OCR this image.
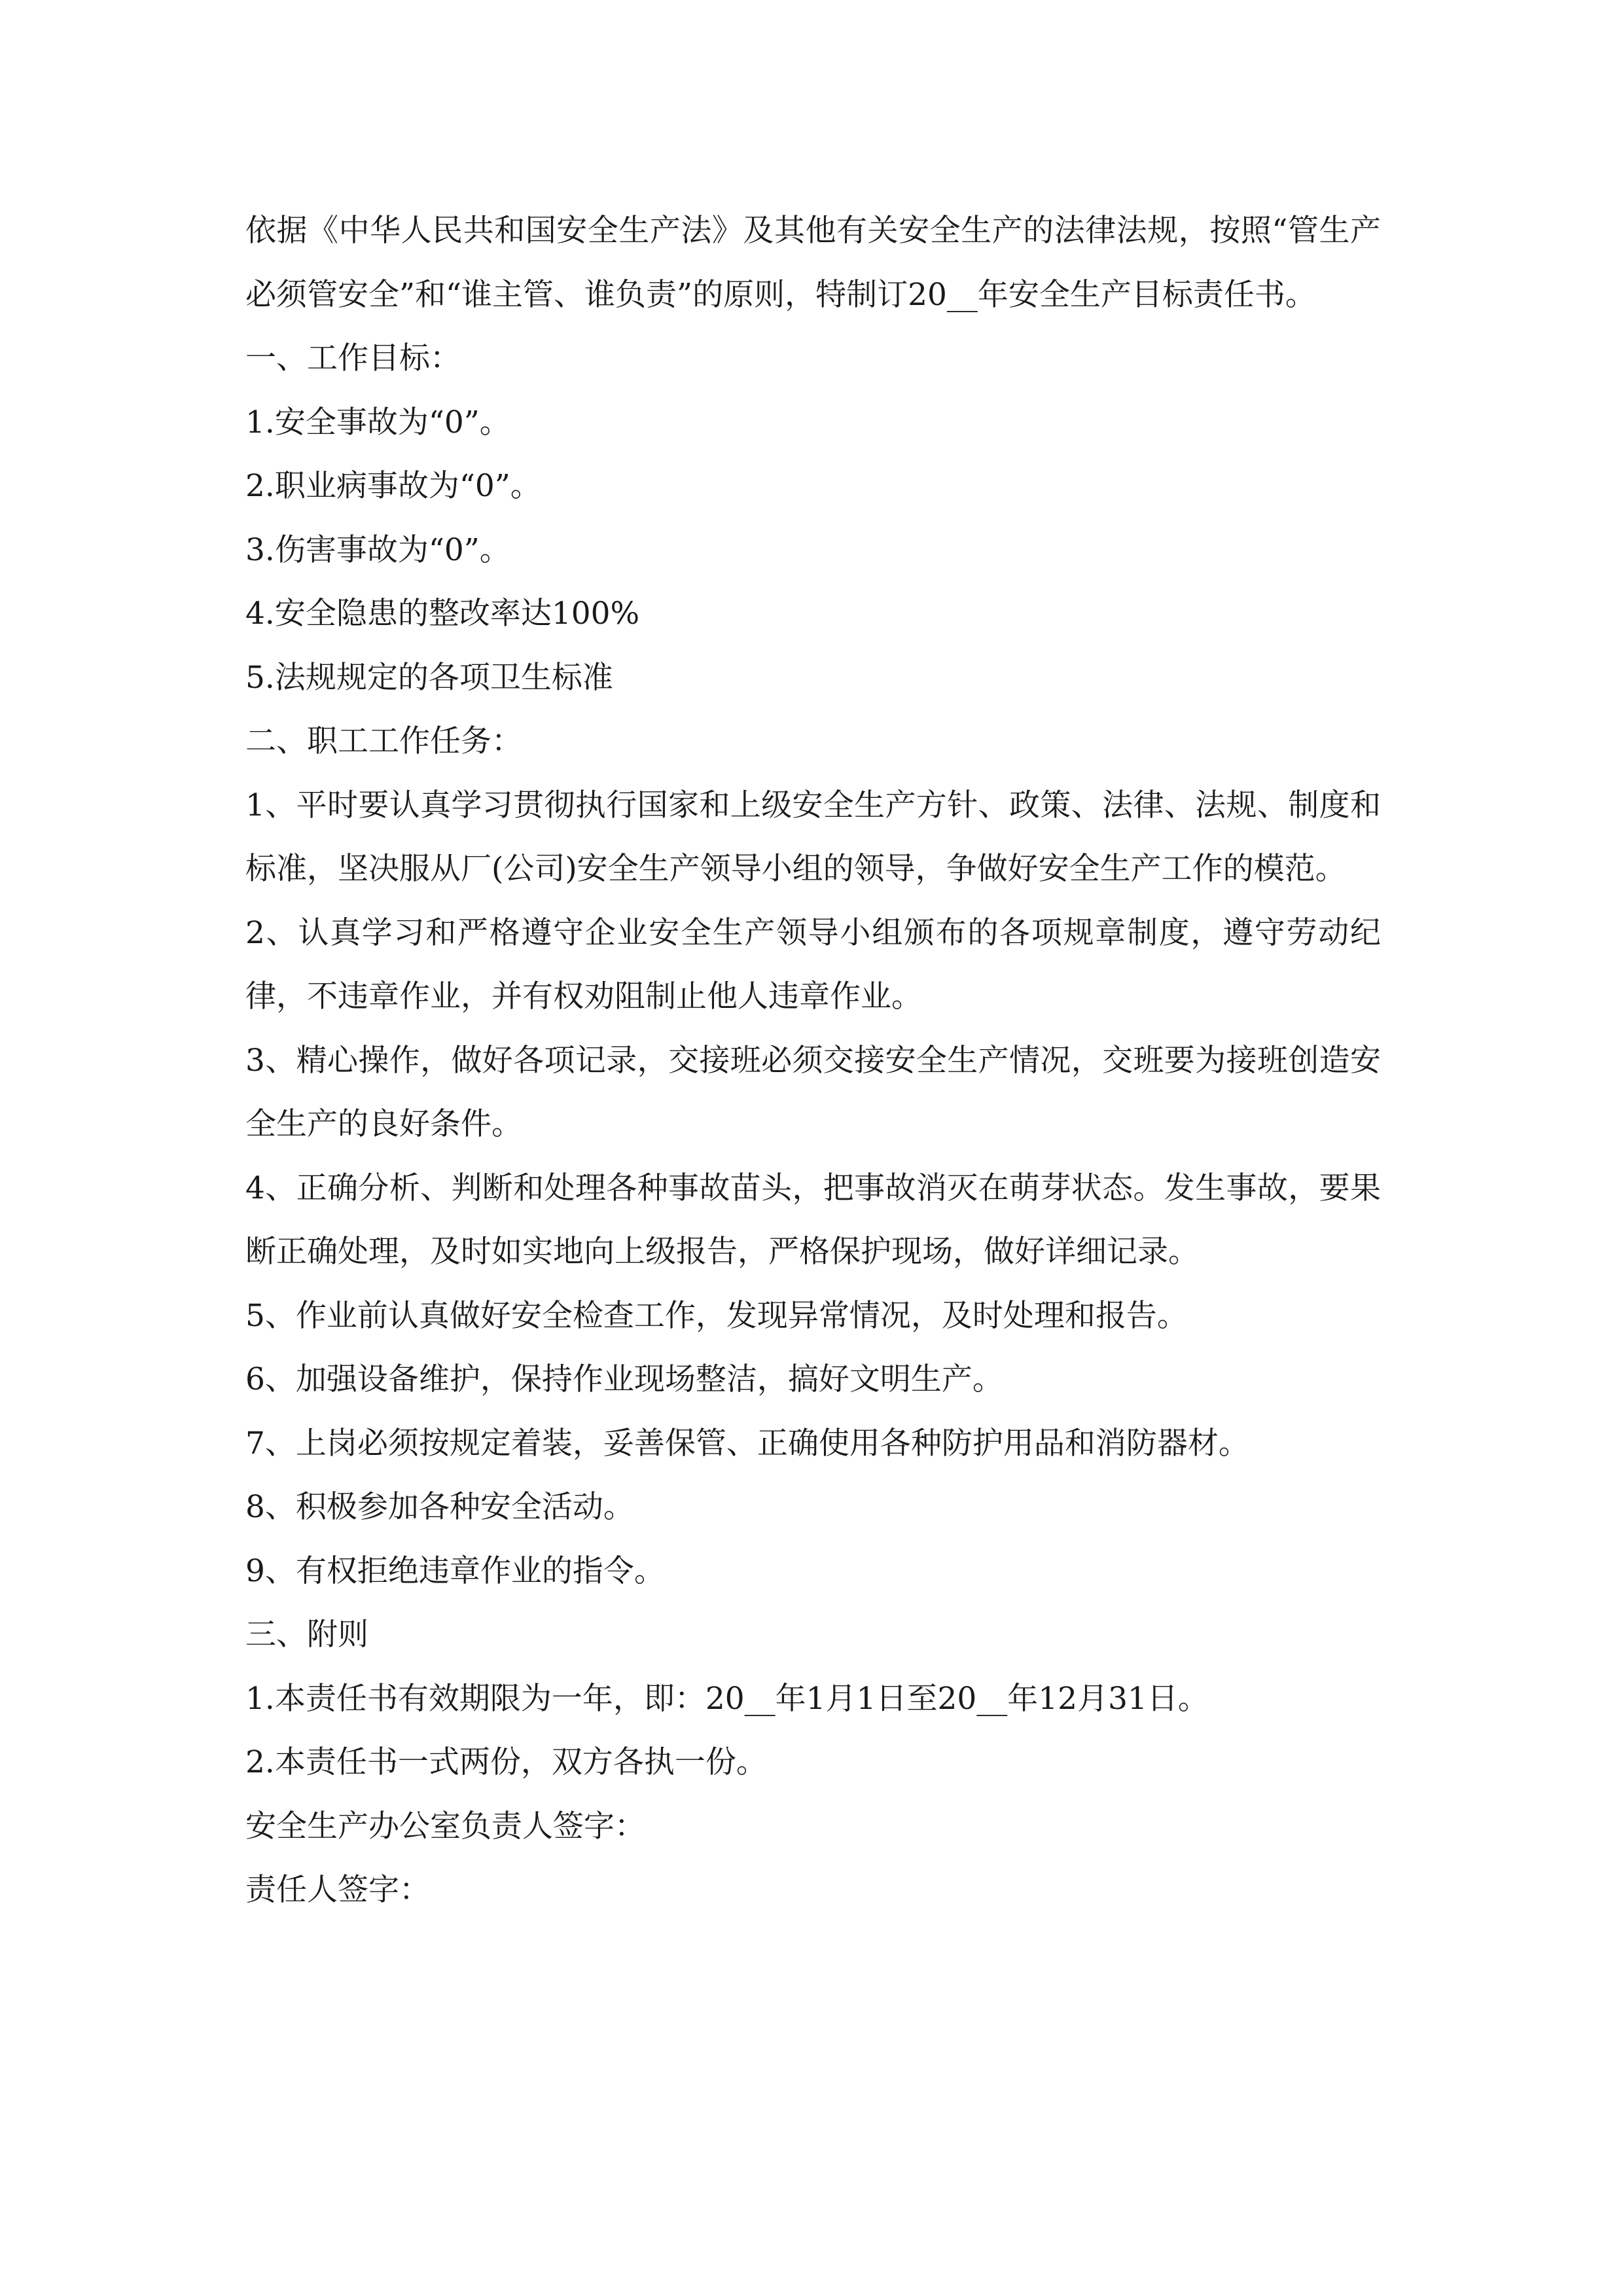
依据《中华人民共和国安全生产法》及其他有关安全生产的法律法规，按照“管生产必须管安全”和“谁主管、谁负责”的原则，特制订20__年安全生产目标责任书。

一、工作目标：

1.安全事故为“0”。

2.职业病事故为“0”。

3.伤害事故为“0”。

4.安全隐患的整改率达100%

5.法规规定的各项卫生标准

二、职工工作任务：

1、平时要认真学习贯彻执行国家和上级安全生产方针、政策、法律、法规、制度和标准，坚决服从厂(公司)安全生产领导小组的领导，争做好安全生产工作的模范。

2、认真学习和严格遵守企业安全生产领导小组颁布的各项规章制度，遵守劳动纪律，不违章作业，并有权劝阻制止他人违章作业。

3、精心操作，做好各项记录，交接班必须交接安全生产情况，交班要为接班创造安全生产的良好条件。

4、正确分析、判断和处理各种事故苗头，把事故消灭在萌芽状态。发生事故，要果断正确处理，及时如实地向上级报告，严格保护现场，做好详细记录。

5、作业前认真做好安全检查工作，发现异常情况，及时处理和报告。

6、加强设备维护，保持作业现场整洁，搞好文明生产。

7、上岗必须按规定着装，妥善保管、正确使用各种防护用品和消防器材。

8、积极参加各种安全活动。

9、有权拒绝违章作业的指令。

三、附则

1.本责任书有效期限为一年，即：20__年1月1日至20__年12月31日。

2.本责任书一式两份，双方各执一份。

安全生产办公室负责人签字：

责任人签字：
